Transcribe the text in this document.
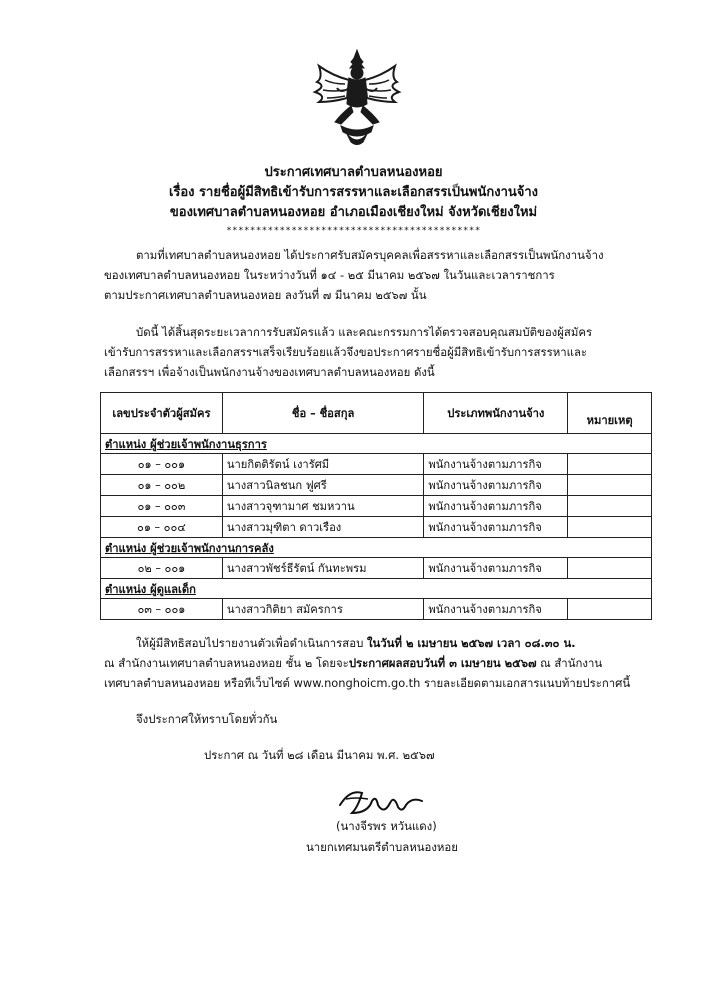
ประกาศเทศบาลตำบลหนองหอย
เรื่อง รายชื่อผู้มีสิทธิเข้ารับการสรรหาและเลือกสรรเป็นพนักงานจ้าง
ของเทศบาลตำบลหนองหอย อำเภอเมืองเชียงใหม่ จังหวัดเชียงใหม่
*******************************************
ตามที่เทศบาลตำบลหนองหอย ได้ประกาศรับสมัครบุคคลเพื่อสรรหาและเลือกสรรเป็นพนักงานจ้าง
ของเทศบาลตำบลหนองหอย ในระหว่างวันที่ ๑๔ - ๒๕ มีนาคม ๒๕๖๗ ในวันและเวลาราชการ
ตามประกาศเทศบาลตำบลหนองหอย ลงวันที่ ๗ มีนาคม ๒๕๖๗ นั้น
บัดนี้ ได้สิ้นสุดระยะเวลาการรับสมัครแล้ว และคณะกรรมการได้ตรวจสอบคุณสมบัติของผู้สมัคร
เข้ารับการสรรหาและเลือกสรรฯเสร็จเรียบร้อยแล้วจึงขอประกาศรายชื่อผู้มีสิทธิเข้ารับการสรรหาและ
เลือกสรรฯ เพื่อจ้างเป็นพนักงานจ้างของเทศบาลตำบลหนองหอย ดังนี้
เลขประจำตัวผู้สมัคร	ชื่อ – ชื่อสกุล	ประเภทพนักงานจ้าง	หมายเหตุ
ตำแหน่ง ผู้ช่วยเจ้าพนักงานธุรการ			
๐๑ – ๐๐๑	นายกิตติรัตน์ เงารัศมี	พนักงานจ้างตามภารกิจ	
๐๑ – ๐๐๒	นางสาวนิลชนก ฟูศรี	พนักงานจ้างตามภารกิจ	
๐๑ – ๐๐๓	นางสาวจุฑามาศ ชมหวาน	พนักงานจ้างตามภารกิจ	
๐๑ – ๐๐๔	นางสาวมุฑิตา ดาวเรือง	พนักงานจ้างตามภารกิจ	
ตำแหน่ง ผู้ช่วยเจ้าพนักงานการคลัง			
๐๒ – ๐๐๑	นางสาวพัชร์ธีรัตน์ กันทะพรม	พนักงานจ้างตามภารกิจ	
ตำแหน่ง ผู้ดูแลเด็ก			
๐๓ – ๐๐๑	นางสาวกิติยา สมัครการ	พนักงานจ้างตามภารกิจ	
ให้ผู้มีสิทธิสอบไปรายงานตัวเพื่อดำเนินการสอบ ในวันที่ ๒ เมษายน ๒๕๖๗ เวลา ๐๘.๓๐ น.
ณ สำนักงานเทศบาลตำบลหนองหอย ชั้น ๒ โดยจะประกาศผลสอบวันที่ ๓ เมษายน ๒๕๖๗ ณ สำนักงาน
เทศบาลตำบลหนองหอย หรือทีเว็บไซต์ www.nonghoicm.go.th รายละเอียดตามเอกสารแนบท้ายประกาศนี้
จึงประกาศให้ทราบโดยทั่วกัน
ประกาศ ณ วันที่ ๒๘ เดือน มีนาคม พ.ศ. ๒๕๖๗
(นางจีรพร หวันแดง)
นายกเทศมนตรีตำบลหนองหอย
